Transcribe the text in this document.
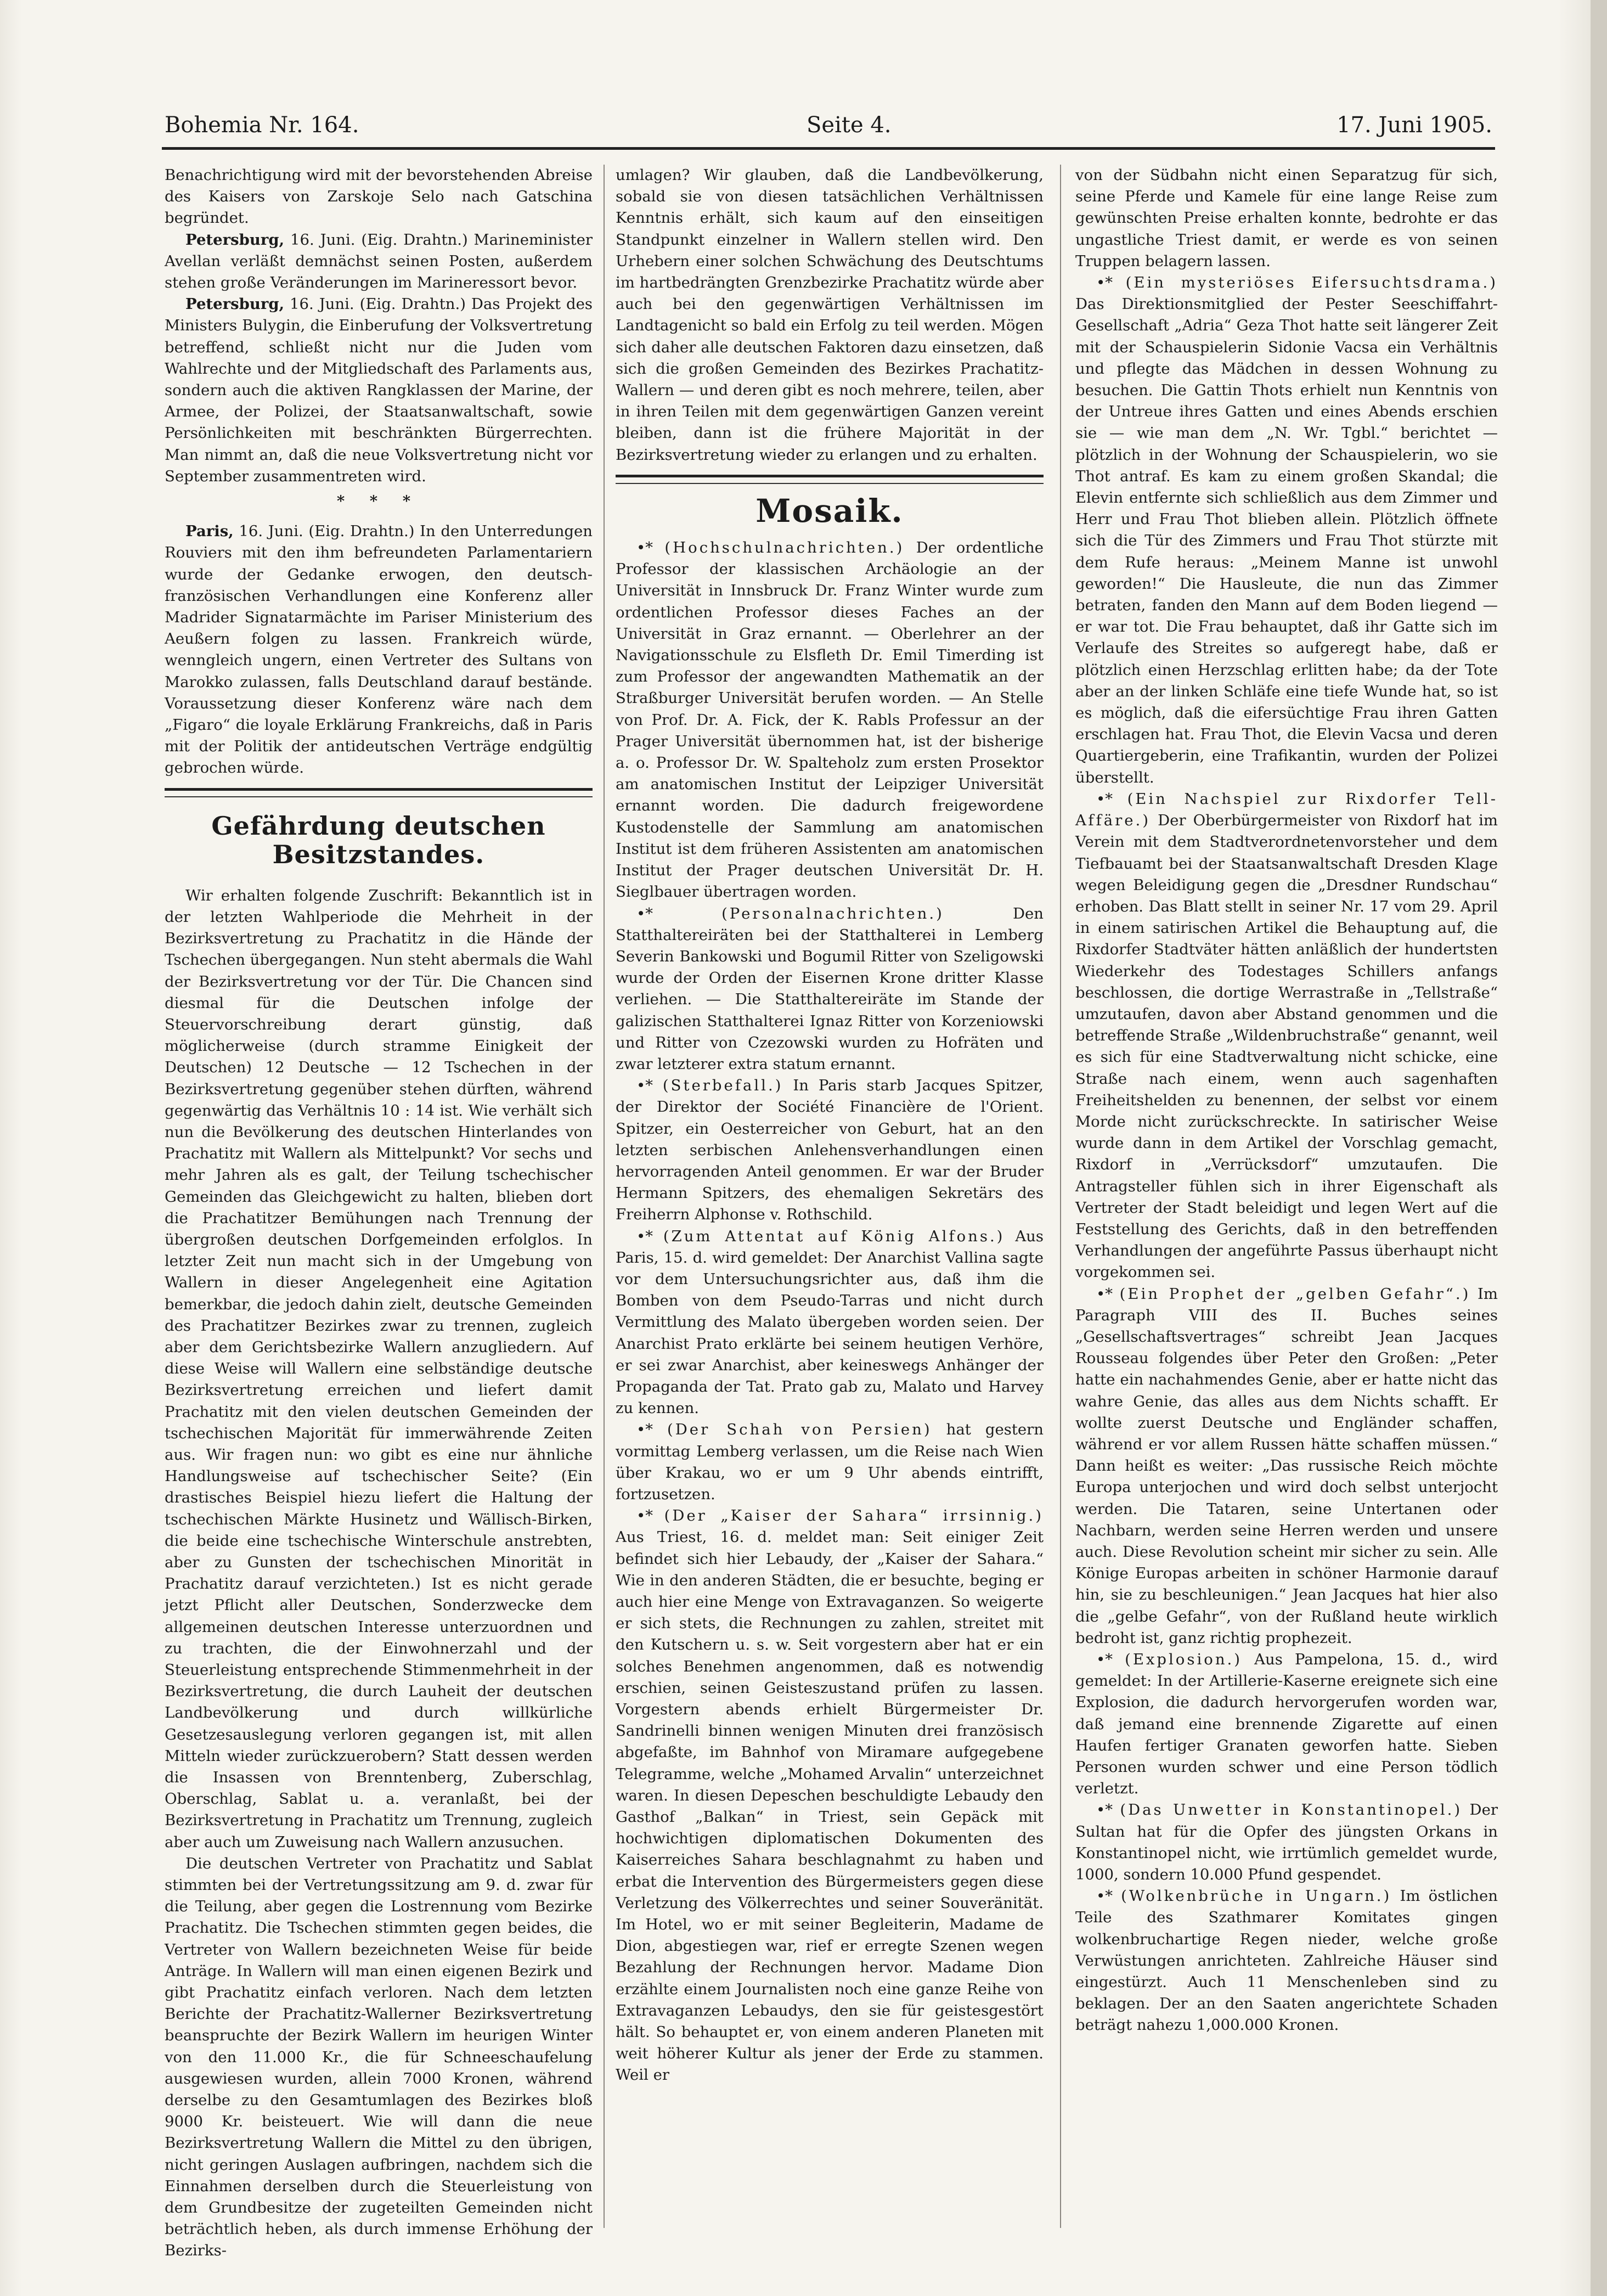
Bohemia Nr. 164.	Seite 4.	17. Juni 1905.

Benachrichtigung wird mit der bevorstehenden Abreise des Kaisers von Zarskoje Selo nach Gatschina begründet.

Petersburg, 16. Juni. (Eig. Drahtn.) Marineminister Avellan verläßt demnächst seinen Posten, außerdem stehen große Veränderungen im Marineressort bevor.

Petersburg, 16. Juni. (Eig. Drahtn.) Das Projekt des Ministers Bulygin, die Einberufung der Volksvertretung betreffend, schließt nicht nur die Juden vom Wahlrechte und der Mitgliedschaft des Parlaments aus, sondern auch die aktiven Rangklassen der Marine, der Armee, der Polizei, der Staatsanwaltschaft, sowie Persönlichkeiten mit beschränkten Bürgerrechten. Man nimmt an, daß die neue Volksvertretung nicht vor September zusammentreten wird.

* * *

Paris, 16. Juni. (Eig. Drahtn.) In den Unterredungen Rouviers mit den ihm befreundeten Parlamentariern wurde der Gedanke erwogen, den deutsch-französischen Verhandlungen eine Konferenz aller Madrider Signatarmächte im Pariser Ministerium des Aeußern folgen zu lassen. Frankreich würde, wenngleich ungern, einen Vertreter des Sultans von Marokko zulassen, falls Deutschland darauf bestände. Voraussetzung dieser Konferenz wäre nach dem „Figaro“ die loyale Erklärung Frankreichs, daß in Paris mit der Politik der antideutschen Verträge endgültig gebrochen würde.

Gefährdung deutschen Besitzstandes.

Wir erhalten folgende Zuschrift: Bekanntlich ist in der letzten Wahlperiode die Mehrheit in der Bezirksvertretung zu Prachatitz in die Hände der Tschechen übergegangen. Nun steht abermals die Wahl der Bezirksvertretung vor der Tür. Die Chancen sind diesmal für die Deutschen infolge der Steuervorschreibung derart günstig, daß möglicherweise (durch stramme Einigkeit der Deutschen) 12 Deutsche — 12 Tschechen in der Bezirksvertretung gegenüber stehen dürften, während gegenwärtig das Verhältnis 10 : 14 ist. Wie verhält sich nun die Bevölkerung des deutschen Hinterlandes von Prachatitz mit Wallern als Mittelpunkt? Vor sechs und mehr Jahren als es galt, der Teilung tschechischer Gemeinden das Gleichgewicht zu halten, blieben dort die Prachatitzer Bemühungen nach Trennung der übergroßen deutschen Dorfgemeinden erfolglos. In letzter Zeit nun macht sich in der Umgebung von Wallern in dieser Angelegenheit eine Agitation bemerkbar, die jedoch dahin zielt, deutsche Gemeinden des Prachatitzer Bezirkes zwar zu trennen, zugleich aber dem Gerichtsbezirke Wallern anzugliedern. Auf diese Weise will Wallern eine selbständige deutsche Bezirksvertretung erreichen und liefert damit Prachatitz mit den vielen deutschen Gemeinden der tschechischen Majorität für immerwährende Zeiten aus. Wir fragen nun: wo gibt es eine nur ähnliche Handlungsweise auf tschechischer Seite? (Ein drastisches Beispiel hiezu liefert die Haltung der tschechischen Märkte Husinetz und Wällisch-Birken, die beide eine tschechische Winterschule anstrebten, aber zu Gunsten der tschechischen Minorität in Prachatitz darauf verzichteten.) Ist es nicht gerade jetzt Pflicht aller Deutschen, Sonderzwecke dem allgemeinen deutschen Interesse unterzuordnen und zu trachten, die der Einwohnerzahl und der Steuerleistung entsprechende Stimmenmehrheit in der Bezirksvertretung, die durch Lauheit der deutschen Landbevölkerung und durch willkürliche Gesetzesauslegung verloren gegangen ist, mit allen Mitteln wieder zurückzuerobern? Statt dessen werden die Insassen von Brenntenberg, Zuberschlag, Oberschlag, Sablat u. a. veranlaßt, bei der Bezirksvertretung in Prachatitz um Trennung, zugleich aber auch um Zuweisung nach Wallern anzusuchen.

Die deutschen Vertreter von Prachatitz und Sablat stimmten bei der Vertretungssitzung am 9. d. zwar für die Teilung, aber gegen die Lostrennung vom Bezirke Prachatitz. Die Tschechen stimmten gegen beides, die Vertreter von Wallern bezeichneten Weise für beide Anträge. In Wallern will man einen eigenen Bezirk und gibt Prachatitz einfach verloren. Nach dem letzten Berichte der Prachatitz-Wallerner Bezirksvertretung beanspruchte der Bezirk Wallern im heurigen Winter von den 11.000 Kr., die für Schneeschaufelung ausgewiesen wurden, allein 7000 Kronen, während derselbe zu den Gesamtumlagen des Bezirkes bloß 9000 Kr. beisteuert. Wie will dann die neue Bezirksvertretung Wallern die Mittel zu den übrigen, nicht geringen Auslagen aufbringen, nachdem sich die Einnahmen derselben durch die Steuerleistung von dem Grundbesitze der zugeteilten Gemeinden nicht beträchtlich heben, als durch immense Erhöhung der Bezirks-

umlagen? Wir glauben, daß die Landbevölkerung, sobald sie von diesen tatsächlichen Verhältnissen Kenntnis erhält, sich kaum auf den einseitigen Standpunkt einzelner in Wallern stellen wird. Den Urhebern einer solchen Schwächung des Deutschtums im hartbedrängten Grenzbezirke Prachatitz würde aber auch bei den gegenwärtigen Verhältnissen im Landtagenicht so bald ein Erfolg zu teil werden. Mögen sich daher alle deutschen Faktoren dazu einsetzen, daß sich die großen Gemeinden des Bezirkes Prachatitz-Wallern — und deren gibt es noch mehrere, teilen, aber in ihren Teilen mit dem gegenwärtigen Ganzen vereint bleiben, dann ist die frühere Majorität in der Bezirksvertretung wieder zu erlangen und zu erhalten.

Mosaik.

•* (Hochschulnachrichten.) Der ordentliche Professor der klassischen Archäologie an der Universität in Innsbruck Dr. Franz Winter wurde zum ordentlichen Professor dieses Faches an der Universität in Graz ernannt. — Oberlehrer an der Navigationsschule zu Elsfleth Dr. Emil Timerding ist zum Professor der angewandten Mathematik an der Straßburger Universität berufen worden. — An Stelle von Prof. Dr. A. Fick, der K. Rabls Professur an der Prager Universität übernommen hat, ist der bisherige a. o. Professor Dr. W. Spalteholz zum ersten Prosektor am anatomischen Institut der Leipziger Universität ernannt worden. Die dadurch freigewordene Kustodenstelle der Sammlung am anatomischen Institut ist dem früheren Assistenten am anatomischen Institut der Prager deutschen Universität Dr. H. Sieglbauer übertragen worden.

•* (Personalnachrichten.)	Den Statthaltereiräten bei der Statthalterei in Lemberg Severin Bankowski und Bogumil Ritter von Szeligowski wurde der Orden der Eisernen Krone dritter Klasse verliehen. — Die Statthaltereiräte im Stande der galizischen Statthalterei Ignaz Ritter von Korzeniowski und Ritter von Czezowski wurden zu Hofräten und zwar letzterer extra statum ernannt.

•* (Sterbefall.) In Paris starb Jacques Spitzer, der Direktor der Société Financière de l'Orient. Spitzer, ein Oesterreicher von Geburt, hat an den letzten serbischen Anlehensverhandlungen einen hervorragenden Anteil genommen. Er war der Bruder Hermann Spitzers, des ehemaligen Sekretärs des Freiherrn Alphonse v. Rothschild.

•* (Zum Attentat auf König Alfons.) Aus Paris, 15. d. wird gemeldet: Der Anarchist Vallina sagte vor dem Untersuchungsrichter aus, daß ihm die Bomben von dem Pseudo-Tarras und nicht durch Vermittlung des Malato übergeben worden seien. Der Anarchist Prato erklärte bei seinem heutigen Verhöre, er sei zwar Anarchist, aber keineswegs Anhänger der Propaganda der Tat. Prato gab zu, Malato und Harvey zu kennen.

•* (Der Schah von Persien) hat gestern vormittag Lemberg verlassen, um die Reise nach Wien über Krakau, wo er um 9 Uhr abends eintrifft, fortzusetzen.

•* (Der „Kaiser der Sahara“ irrsinnig.) Aus Triest, 16. d. meldet man: Seit einiger Zeit befindet sich hier Lebaudy, der „Kaiser der Sahara.“ Wie in den anderen Städten, die er besuchte, beging er auch hier eine Menge von Extravaganzen. So weigerte er sich stets, die Rechnungen zu zahlen, streitet mit den Kutschern u. s. w. Seit vorgestern aber hat er ein solches Benehmen angenommen, daß es notwendig erschien, seinen Geisteszustand prüfen zu lassen. Vorgestern abends erhielt Bürgermeister Dr. Sandrinelli binnen wenigen Minuten drei französisch abgefaßte, im Bahnhof von Miramare aufgegebene Telegramme, welche „Mohamed Arvalin“ unterzeichnet waren. In diesen Depeschen beschuldigte Lebaudy den Gasthof „Balkan“ in Triest, sein Gepäck mit hochwichtigen diplomatischen Dokumenten des Kaiserreiches Sahara beschlagnahmt zu haben und erbat die Intervention des Bürgermeisters gegen diese Verletzung des Völkerrechtes und seiner Souveränität. Im Hotel, wo er mit seiner Begleiterin, Madame de Dion, abgestiegen war, rief er erregte Szenen wegen Bezahlung der Rechnungen hervor. Madame Dion erzählte einem Journalisten noch eine ganze Reihe von Extravaganzen Lebaudys, den sie für geistesgestört hält. So behauptet er, von einem anderen Planeten mit weit höherer Kultur als jener der Erde zu stammen. Weil er

von der Südbahn nicht einen Separatzug für sich, seine Pferde und Kamele für eine lange Reise zum gewünschten Preise erhalten konnte, bedrohte er das ungastliche Triest damit, er werde es von seinen Truppen belagern lassen.

•* (Ein mysteriöses Eifersuchtsdrama.) Das Direktionsmitglied der Pester Seeschiffahrt-Gesellschaft „Adria“ Geza Thot hatte seit längerer Zeit mit der Schauspielerin Sidonie Vaсsa ein Verhältnis und pflegte das Mädchen in dessen Wohnung zu besuchen. Die Gattin Thots erhielt nun Kenntnis von der Untreue ihres Gatten und eines Abends erschien sie — wie man dem „N. Wr. Tgbl.“ berichtet — plötzlich in der Wohnung der Schauspielerin, wo sie Thot antraf. Es kam zu einem großen Skandal; die Elevin entfernte sich schließlich aus dem Zimmer und Herr und Frau Thot blieben allein. Plötzlich öffnete sich die Tür des Zimmers und Frau Thot stürzte mit dem Rufe heraus: „Meinem Manne ist unwohl geworden!“ Die Hausleute, die nun das Zimmer betraten, fanden den Mann auf dem Boden liegend — er war tot. Die Frau behauptet, daß ihr Gatte sich im Verlaufe des Streites so aufgeregt habe, daß er plötzlich einen Herzschlag erlitten habe; da der Tote aber an der linken Schläfe eine tiefe Wunde hat, so ist es möglich, daß die eifersüchtige Frau ihren Gatten erschlagen hat. Frau Thot, die Elevin Vaсsa und deren Quartiergeberin, eine Trafikantin, wurden der Polizei überstellt.

•* (Ein Nachspiel zur Rixdorfer Tell-Affäre.) Der Oberbürgermeister von Rixdorf hat im Verein mit dem Stadtverordnetenvorsteher und dem Tiefbauamt bei der Staatsanwaltschaft Dresden Klage wegen Beleidigung gegen die „Dresdner Rundschau“ erhoben. Das Blatt stellt in seiner Nr. 17 vom 29. April in einem satirischen Artikel die Behauptung auf, die Rixdorfer Stadtväter hätten anläßlich der hundertsten Wiederkehr des Todestages Schillers anfangs beschlossen, die dortige Werrastraße in „Tellstraße“ umzutaufen, davon aber Abstand genommen und die betreffende Straße „Wildenbruchstraße“ genannt, weil es sich für eine Stadtverwaltung nicht schicke, eine Straße nach einem, wenn auch sagenhaften Freiheitshelden zu benennen, der selbst vor einem Morde nicht zurückschreckte. In satirischer Weise wurde dann in dem Artikel der Vorschlag gemacht, Rixdorf in „Verrücksdorf“ umzutaufen. Die Antragsteller fühlen sich in ihrer Eigenschaft als Vertreter der Stadt beleidigt und legen Wert auf die Feststellung des Gerichts, daß in den betreffenden Verhandlungen der angeführte Passus überhaupt nicht vorgekommen sei.

•* (Ein Prophet der „gelben Gefahr“.) Im Paragraph VIII des II. Buches seines „Gesellschaftsvertrages“ schreibt Jean Jacques Rousseau folgendes über Peter den Großen: „Peter hatte ein nachahmendes Genie, aber er hatte nicht das wahre Genie, das alles aus dem Nichts schafft. Er wollte zuerst Deutsche und Engländer schaffen, während er vor allem Russen hätte schaffen müssen.“ Dann heißt es weiter: „Das russische Reich möchte Europa unterjochen und wird doch selbst unterjocht werden. Die Tataren, seine Untertanen oder Nachbarn, werden seine Herren werden und unsere auch. Diese Revolution scheint mir sicher zu sein. Alle Könige Europas arbeiten in schöner Harmonie darauf hin, sie zu beschleunigen.“ Jean Jacques hat hier also die „gelbe Gefahr“, von der Rußland heute wirklich bedroht ist, ganz richtig prophezeit.

•* (Explosion.) Aus Pampelona, 15. d., wird gemeldet: In der Artillerie-Kaserne ereignete sich eine Explosion, die dadurch hervorgerufen worden war, daß jemand eine brennende Zigarette auf einen Haufen fertiger Granaten geworfen hatte. Sieben Personen wurden schwer und eine Person tödlich verletzt.

•* (Das Unwetter in Konstantinopel.) Der Sultan hat für die Opfer des jüngsten Orkans in Konstantinopel nicht, wie irrtümlich gemeldet wurde, 1000, sondern 10.000 Pfund gespendet.

•* (Wolkenbrüche in Ungarn.) Im östlichen Teile des Szathmarer Komitates gingen wolkenbruchartige Regen nieder, welche große Verwüstungen anrichteten. Zahlreiche Häuser sind eingestürzt. Auch 11 Menschenleben sind zu beklagen. Der an den Saaten angerichtete Schaden beträgt nahezu 1,000.000 Kronen.
